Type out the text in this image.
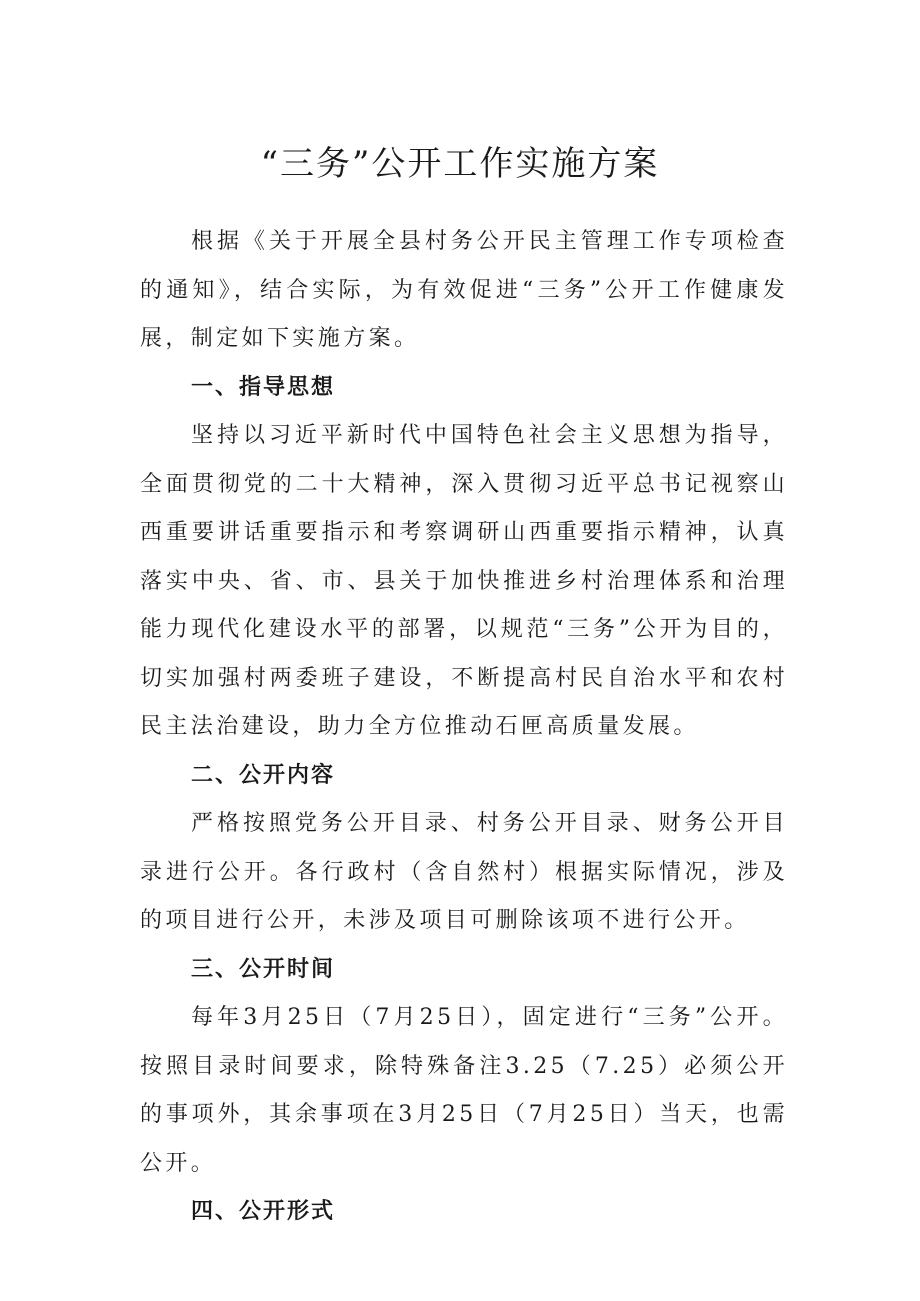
“三务”公开工作实施方案

根据《关于开展全县村务公开民主管理工作专项检查的通知》，结合实际，为有效促进“三务”公开工作健康发展，制定如下实施方案。

一、指导思想

坚持以习近平新时代中国特色社会主义思想为指导，全面贯彻党的二十大精神，深入贯彻习近平总书记视察山西重要讲话重要指示和考察调研山西重要指示精神，认真落实中央、省、市、县关于加快推进乡村治理体系和治理能力现代化建设水平的部署，以规范“三务”公开为目的，切实加强村两委班子建设，不断提高村民自治水平和农村民主法治建设，助力全方位推动石匣高质量发展。

二、公开内容

严格按照党务公开目录、村务公开目录、财务公开目录进行公开。各行政村（含自然村）根据实际情况，涉及的项目进行公开，未涉及项目可删除该项不进行公开。

三、公开时间

每年3月25日（7月25日），固定进行“三务”公开。按照目录时间要求，除特殊备注3.25（7.25）必须公开的事项外，其余事项在3月25日（7月25日）当天，也需公开。

四、公开形式
